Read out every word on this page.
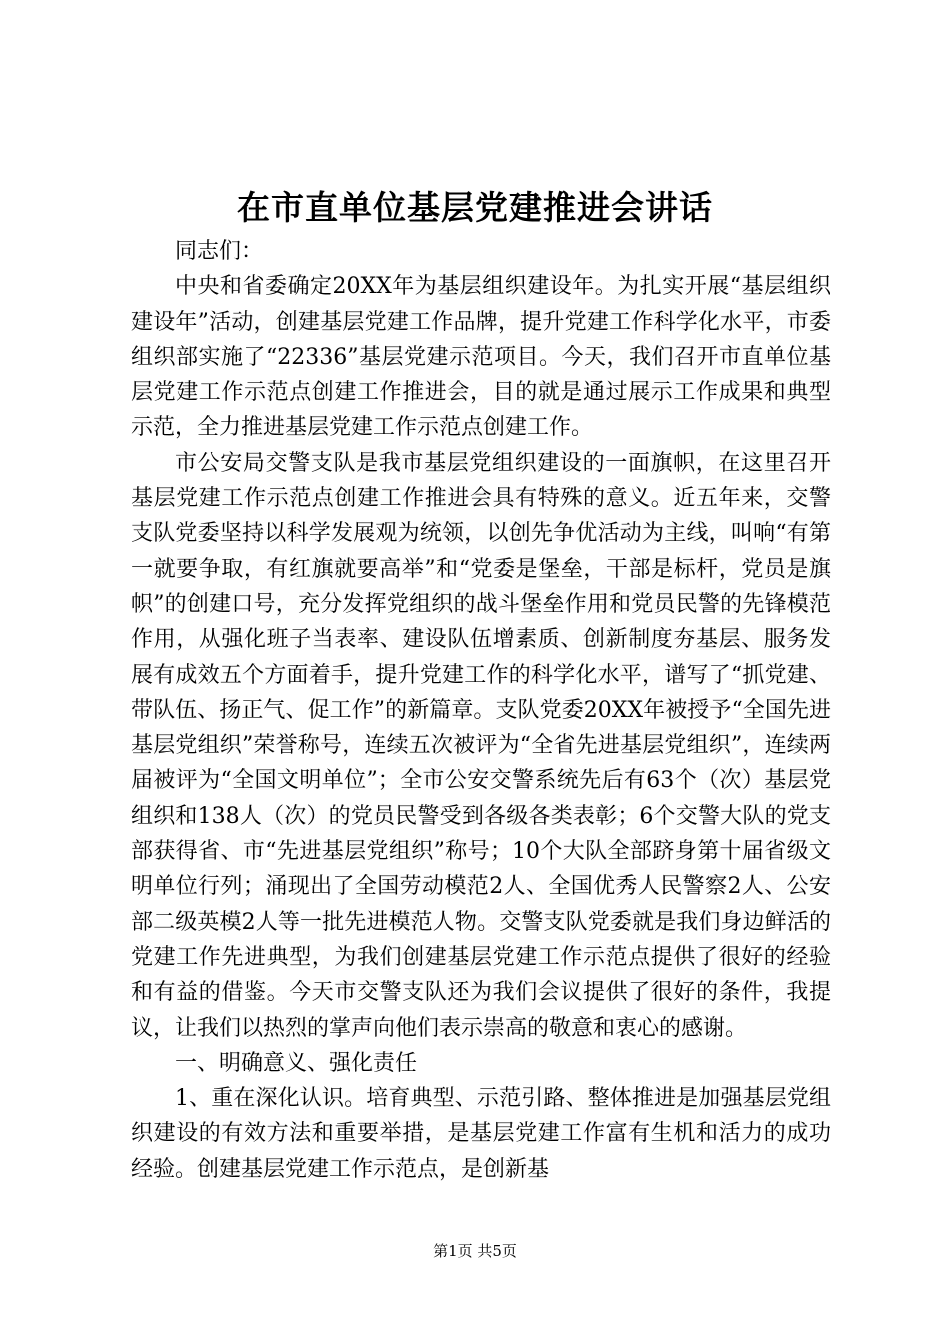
在市直单位基层党建推进会讲话

同志们：

中央和省委确定20XX年为基层组织建设年。为扎实开展“基层组织建设年”活动，创建基层党建工作品牌，提升党建工作科学化水平，市委组织部实施了“22336”基层党建示范项目。今天，我们召开市直单位基层党建工作示范点创建工作推进会，目的就是通过展示工作成果和典型示范，全力推进基层党建工作示范点创建工作。

市公安局交警支队是我市基层党组织建设的一面旗帜，在这里召开基层党建工作示范点创建工作推进会具有特殊的意义。近五年来，交警支队党委坚持以科学发展观为统领，以创先争优活动为主线，叫响“有第一就要争取，有红旗就要高举”和“党委是堡垒，干部是标杆，党员是旗帜”的创建口号，充分发挥党组织的战斗堡垒作用和党员民警的先锋模范作用，从强化班子当表率、建设队伍增素质、创新制度夯基层、服务发展有成效五个方面着手，提升党建工作的科学化水平，谱写了“抓党建、带队伍、扬正气、促工作”的新篇章。支队党委20XX年被授予“全国先进基层党组织”荣誉称号，连续五次被评为“全省先进基层党组织”，连续两届被评为“全国文明单位”；全市公安交警系统先后有63个（次）基层党组织和138人（次）的党员民警受到各级各类表彰；6个交警大队的党支部获得省、市“先进基层党组织”称号；10个大队全部跻身第十届省级文明单位行列；涌现出了全国劳动模范2人、全国优秀人民警察2人、公安部二级英模2人等一批先进模范人物。交警支队党委就是我们身边鲜活的党建工作先进典型，为我们创建基层党建工作示范点提供了很好的经验和有益的借鉴。今天市交警支队还为我们会议提供了很好的条件，我提议，让我们以热烈的掌声向他们表示崇高的敬意和衷心的感谢。

一、明确意义、强化责任

1、重在深化认识。培育典型、示范引路、整体推进是加强基层党组织建设的有效方法和重要举措，是基层党建工作富有生机和活力的成功经验。创建基层党建工作示范点，是创新基

第1页 共5页
